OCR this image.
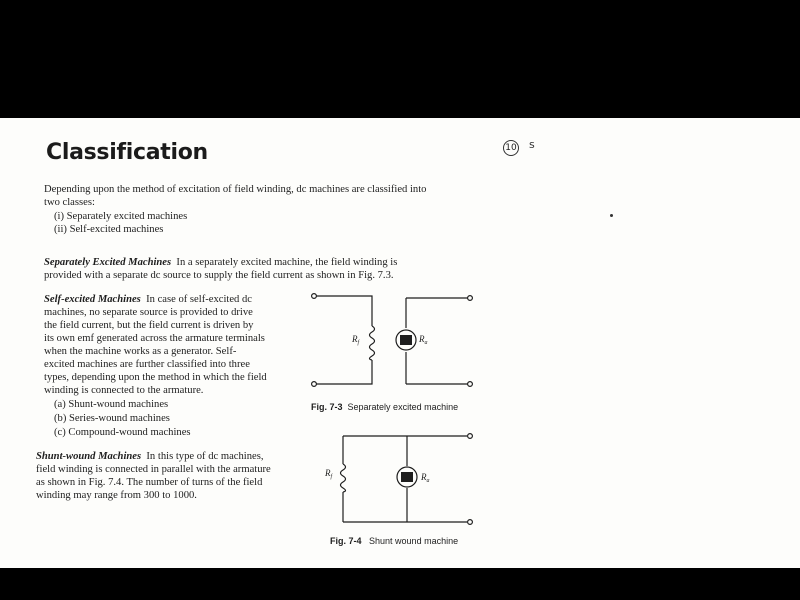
Classification	10 s
Depending upon the method of excitation of field winding, dc machines are classified into
two classes:
(i) Separately excited machines
(ii) Self-excited machines
Separately Excited Machines In a separately excited machine, the field winding is
provided with a separate dc source to supply the field current as shown in Fig. 7.3.
Self-excited Machines In case of self-excited dc
machines, no separate source is provided to drive
the field current, but the field current is driven by
its own emf generated across the armature terminals
when the machine works as a generator. Self-
excited machines are further classified into three
types, depending upon the method in which the field
winding is connected to the armature.
(a) Shunt-wound machines
(b) Series-wound machines
(c) Compound-wound machines
Shunt-wound Machines In this type of dc machines,
field winding is connected in parallel with the armature
as shown in Fig. 7.4. The number of turns of the field
winding may range from 300 to 1000.
$R_f$	$R_a$
Fig. 7-3 Separately excited machine
$R_f$	$R_a$
Fig. 7-4 Shunt wound machine
